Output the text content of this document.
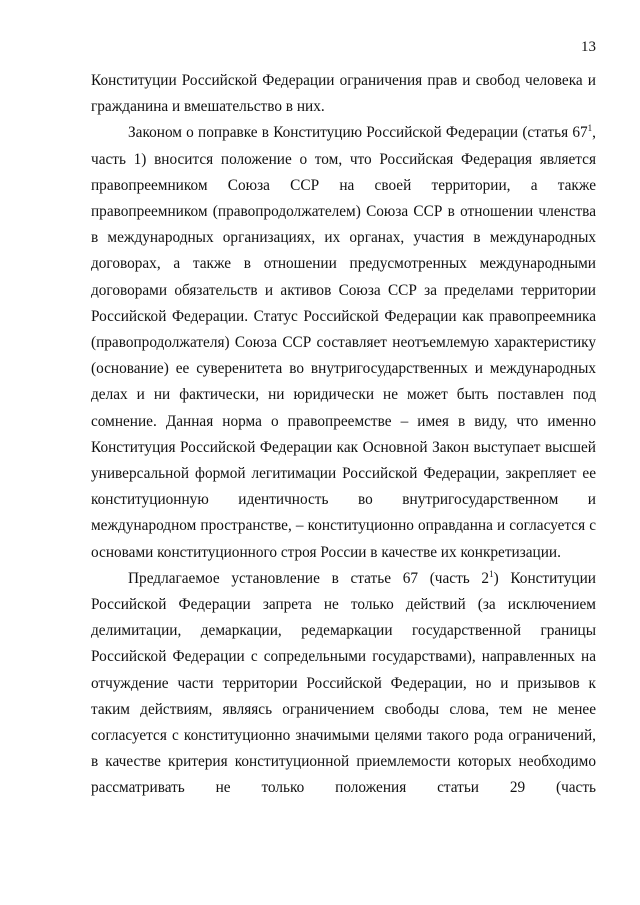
13

Конституции Российской Федерации ограничения прав и свобод человека и гражданина и вмешательство в них.

Законом о поправке в Конституцию Российской Федерации (статья $67^1$, часть 1) вносится положение о том, что Российская Федерация является правопреемником Союза ССР на своей территории, а также правопреемником (правопродолжателем) Союза ССР в отношении членства в международных организациях, их органах, участия в международных договорах, а также в отношении предусмотренных международными договорами обязательств и активов Союза ССР за пределами территории Российской Федерации. Статус Российской Федерации как правопреемника (правопродолжателя) Союза ССР составляет неотъемлемую характеристику (основание) ее суверенитета во внутригосударственных и международных делах и ни фактически, ни юридически не может быть поставлен под сомнение. Данная норма о правопреемстве – имея в виду, что именно Конституция Российской Федерации как Основной Закон выступает высшей универсальной формой легитимации Российской Федерации, закрепляет ее конституционную идентичность во внутригосударственном и международном пространстве, – конституционно оправданна и согласуется с основами конституционного строя России в качестве их конкретизации.

Предлагаемое установление в статье 67 (часть $2^1$) Конституции Российской Федерации запрета не только действий (за исключением делимитации, демаркации, редемаркации государственной границы Российской Федерации с сопредельными государствами), направленных на отчуждение части территории Российской Федерации, но и призывов к таким действиям, являясь ограничением свободы слова, тем не менее согласуется с конституционно значимыми целями такого рода ограничений, в качестве критерия конституционной приемлемости которых необходимо рассматривать не только положения статьи 29 (часть
